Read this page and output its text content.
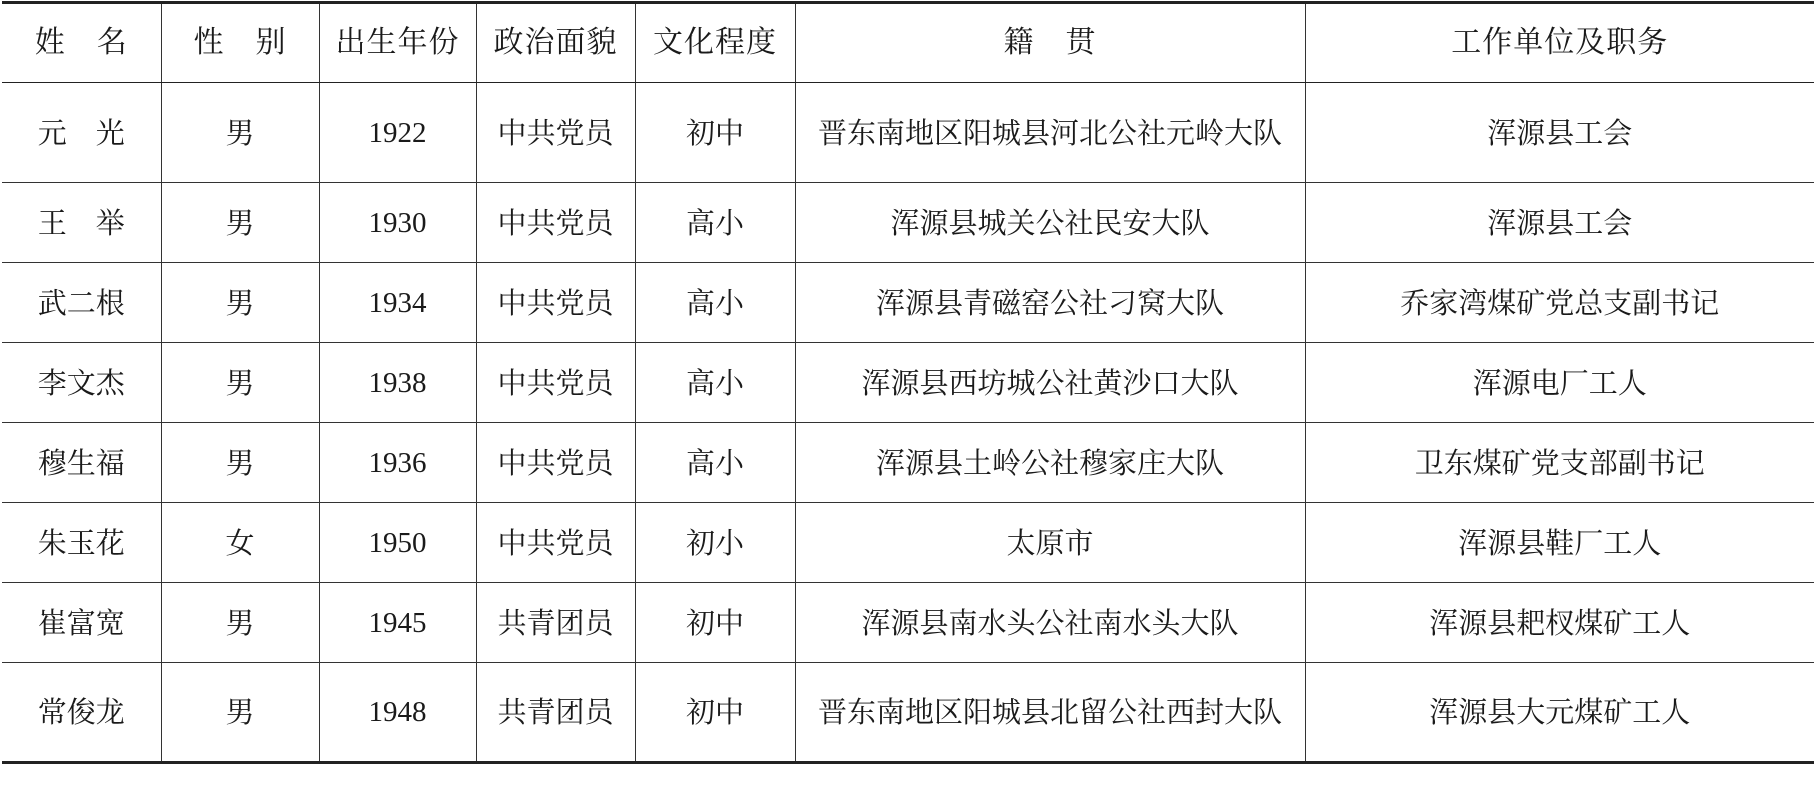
姓　名	性　别	出生年份	政治面貌	文化程度	籍　贯	工作单位及职务
元　光	男	1922	中共党员	初中	晋东南地区阳城县河北公社元岭大队	浑源县工会
王　举	男	1930	中共党员	高小	浑源县城关公社民安大队	浑源县工会
武二根	男	1934	中共党员	高小	浑源县青磁窑公社刁窝大队	乔家湾煤矿党总支副书记
李文杰	男	1938	中共党员	高小	浑源县西坊城公社黄沙口大队	浑源电厂工人
穆生福	男	1936	中共党员	高小	浑源县土岭公社穆家庄大队	卫东煤矿党支部副书记
朱玉花	女	1950	中共党员	初小	太原市	浑源县鞋厂工人
崔富宽	男	1945	共青团员	初中	浑源县南水头公社南水头大队	浑源县耙杈煤矿工人
常俊龙	男	1948	共青团员	初中	晋东南地区阳城县北留公社西封大队	浑源县大元煤矿工人
